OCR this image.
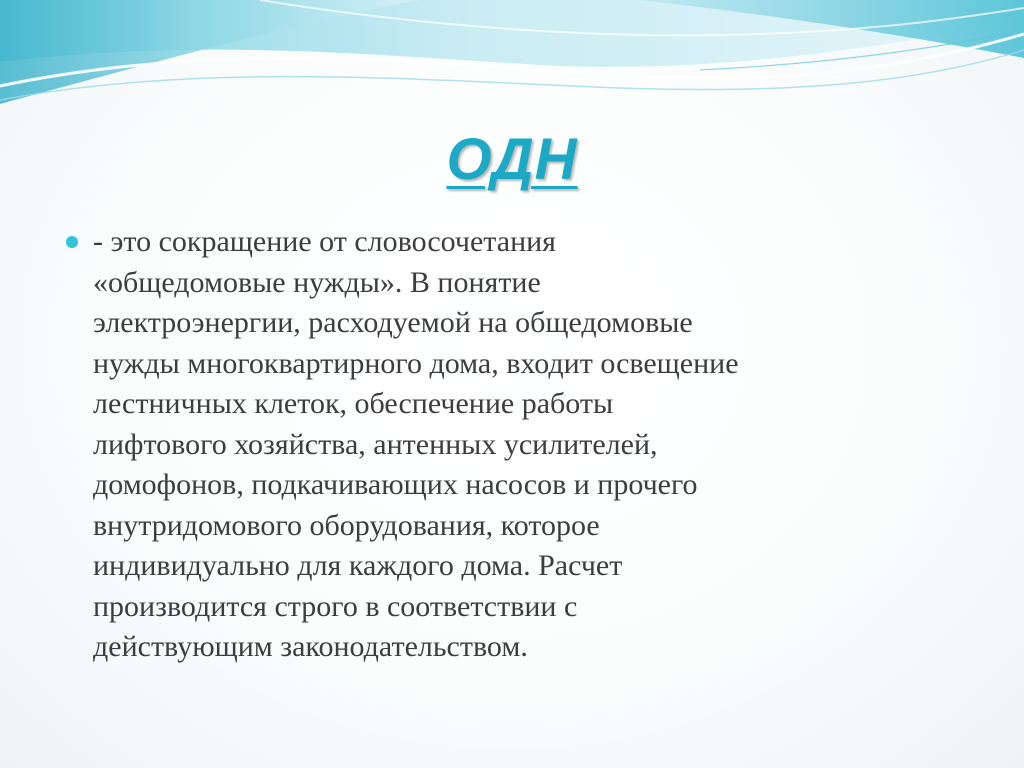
ОДН
- это сокращение от словосочетания
«общедомовые нужды». В понятие
электроэнергии, расходуемой на общедомовые
нужды многоквартирного дома, входит освещение
лестничных клеток, обеспечение работы
лифтового хозяйства, антенных усилителей,
домофонов, подкачивающих насосов и прочего
внутридомового оборудования, которое
индивидуально для каждого дома. Расчет
производится строго в соответствии с
действующим законодательством.
